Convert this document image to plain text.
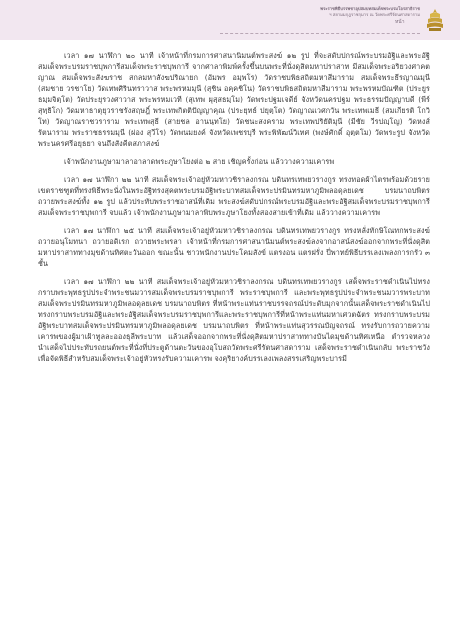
พระราชพิธีบรรพชาอุปสมบทสมเด็จพระบรมโอรสาธิราช
ฯ สยามมกุฎราชกุมาร ณ วัดพระศรีรัตนศาสดาราม
หน้า

เวลา ๑๗ นาฬิกา ๒๐ นาที เจ้าหน้าที่กรมการศาสนานิมนต์พระสงฆ์ ๑๒ รูป ที่จะสดับปกรณ์พระบรมอัฐิและพระอัฐิสมเด็จพระบรมราชบุพการีสมเด็จพระราชบุพการี จากศาลาพิมพ์ครั้งขึ้นบนพระที่นั่งดุสิตมหาปราสาท มีสมเด็จพระอริยวงศาคตญาณ สมเด็จพระสังฆราช สกลมหาสังฆปริณายก (อัมพร อมฺพโร) วัดราชบพิธสถิตมหาสีมาราม สมเด็จพระธีรญาณมุนี (สมชาย วรชาโย) วัดเทพศิรินทราวาส พระพรหมมุนี (สุชิน อคฺคชิโน) วัดราชบพิธสถิตมหาสีมาราม พระพรหมบัณฑิต (ประยูร ธมฺมจิตฺโต) วัดประยุรวงศาวาส พระพรหมเวที (สุเทพ ผุสฺสธมฺโม) วัดพระปฐมเจดีย์ จังหวัดนครปฐม พระธรรมปัญญาบดี (พีร์ สุทฺธิโก) วัดมหาธาตุยุวราชรังสฤษฎิ์ พระเทพกิตติปัญญาคุณ (ประยุทธ์ ปยุตฺโต) วัดญาณเวศกวัน พระเทพเมธี (สมเกียรติ โกวิโท) วัดญาณราชวราราม พระเทพสุธี (สายชล อานนฺทโย) วัดชนะสงคราม พระเทพปริยัติมุนี (มีชัย วีรปญฺโญ) วัดหงส์รัตนาราม พระราชธรรมมุนี (ผ่อง สุวีโร) วัดพนมยงค์ จังหวัดเพชรบุรี พระพิพัฒน์วิเทศ (พงษ์ศักดิ์ อุตฺตโม) วัดพระรูป จังหวัดพระนครศรีอยุธยา จนถึงสังคีตสภาสงฆ์

เจ้าพนักงานภูษามาลาอาลาดพระภูษาโยงต่อ ๒ สาย เชิญครั้งก่อน แล้ววางความเคารพ

เวลา ๑๗ นาฬิกา ๒๒ นาที สมเด็จพระเจ้าอยู่หัวมหาวชิราลงกรณ บดินทรเทพยวรางกูร ทรงทอดผ้าไตรพร้อมด้วยรายเขตราชฑูตที่ทรงพิธีพระนั่งในพระอัฐิทรงสุคตพระบรมอัฐิพระบาทสมเด็จพระปรมินทรมหาภูมิพลอดุลยเดช บรมนาถบพิตร ถวายพระสงฆ์ทั้ง ๑๒ รูป แล้วประทับพระราชอาสน์ที่เดิม พระสงฆ์สดับปกรณ์พระบรมอัฐิและพระอัฐิสมเด็จพระบรมราชบุพการีสมเด็จพระราชบุพการี จบแล้ว เจ้าพนักงานภูษามาลาพิบพระภูษาโยงทั้งสองสายเข้าที่เดิม แล้ววางความเคารพ

เวลา ๑๗ นาฬิกา ๒๕ นาที สมเด็จพระเจ้าอยู่หัวมหาวชิราลงกรณ บดินทรเทพยวรางกูร ทรงหลั่งทักษิโณทกพระสงฆ์ถวายอนุโมทนา ถวายอดิเรก ถวายพระพรลา เจ้าหน้าที่กรมการศาสนานิมนต์พระสงฆ์ลงจากอาสน์สงฆ์ออกจากพระที่นั่งดุสิตมหาปราสาททางมุขด้านทิศตะวันออก ขณะนั้น ชาวพนักงานประโคมสังข์ แตรงอน แตรฝรั่ง ปี่พาทย์พิธีบรรเลงเพลงการกรัว ๓ ชั้น

เวลา ๑๗ นาฬิกา ๒๒ นาที สมเด็จพระเจ้าอยู่หัวมหาวชิราลงกรณ บดินทรเทพยวรางกูร เสด็จพระราชดำเนินไปทรงกราบพระพุทธรูปประจำพระชนมวารสมเด็จพระบรมราชบุพการี พระราชบุพการี และพระพุทธรูปประจำพระชนมวารพระบาทสมเด็จพระปรมินทรมหาภูมิพลอดุลยเดช บรมนาถบพิตร ที่หน้าพระแท่นราชบรรจถรณ์ประดับมุกจากนั้นเสด็จพระราชดำเนินไปทรงกราบพระบรมอัฐิและพระอัฐิสมเด็จพระบรมราชบุพการีและพระราชบุพการีที่หน้าพระแท่นมหาเศวตฉัตร ทรงกราบพระบรมอัฐิพระบาทสมเด็จพระปรมินทรมหาภูมิพลอดุลยเดช บรมนาถบพิตร ที่หน้าพระแท่นสุวรรณบัญจถรณ์ ทรงรับการถวายความเคารพของผู้มาเฝ้าทูลละอองธุลีพระบาท แล้วเสด็จออกจากพระที่นั่งดุสิตมหาปราสาททางบันไดมุขด้านทิศเหนือ ตำรวจหลวงนำเสด็จไปประทับรถยนต์พระที่นั่งที่ประตูด้านตะวันของอุโบสถวัดพระศรีรัตนศาสดาราม เสด็จพระราชดำเนินกลับ พระราชวังเพื่อจัดพิธีสำหรับสมเด็จพระเจ้าอยู่หัวทรงรับความเคารพ จงคุริยางค์บรรเลงเพลงสรรเสริญพระบารมี
